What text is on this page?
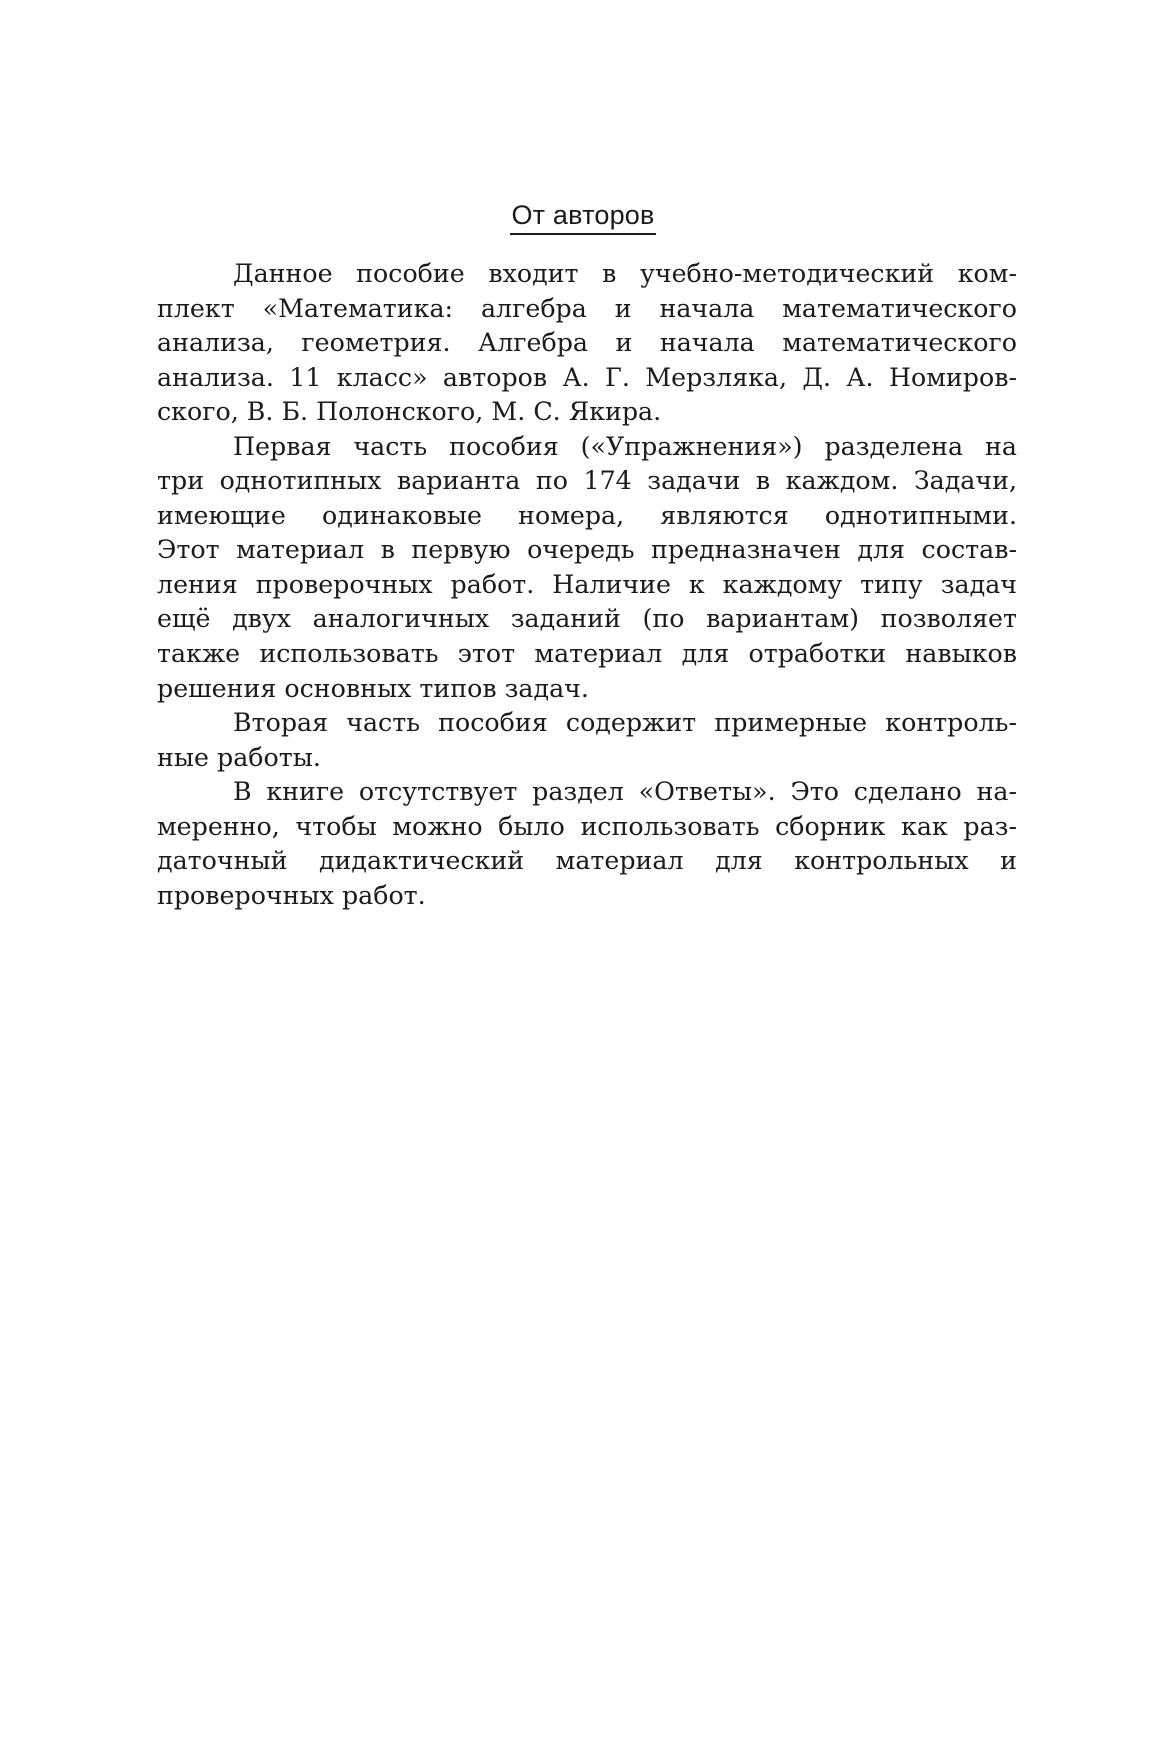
От авторов
Данное пособие входит в учебно-методический ком-
плект «Математика: алгебра и начала математического
анализа, геометрия. Алгебра и начала математического
анализа. 11 класс» авторов А. Г. Мерзляка, Д. А. Номиров-
ского, В. Б. Полонского, М. С. Якира.
Первая часть пособия («Упражнения») разделена на
три однотипных варианта по 174 задачи в каждом. Задачи,
имеющие одинаковые номера, являются однотипными.
Этот материал в первую очередь предназначен для состав-
ления проверочных работ. Наличие к каждому типу задач
ещё двух аналогичных заданий (по вариантам) позволяет
также использовать этот материал для отработки навыков
решения основных типов задач.
Вторая часть пособия содержит примерные контроль-
ные работы.
В книге отсутствует раздел «Ответы». Это сделано на-
меренно, чтобы можно было использовать сборник как раз-
даточный дидактический материал для контрольных и
проверочных работ.
